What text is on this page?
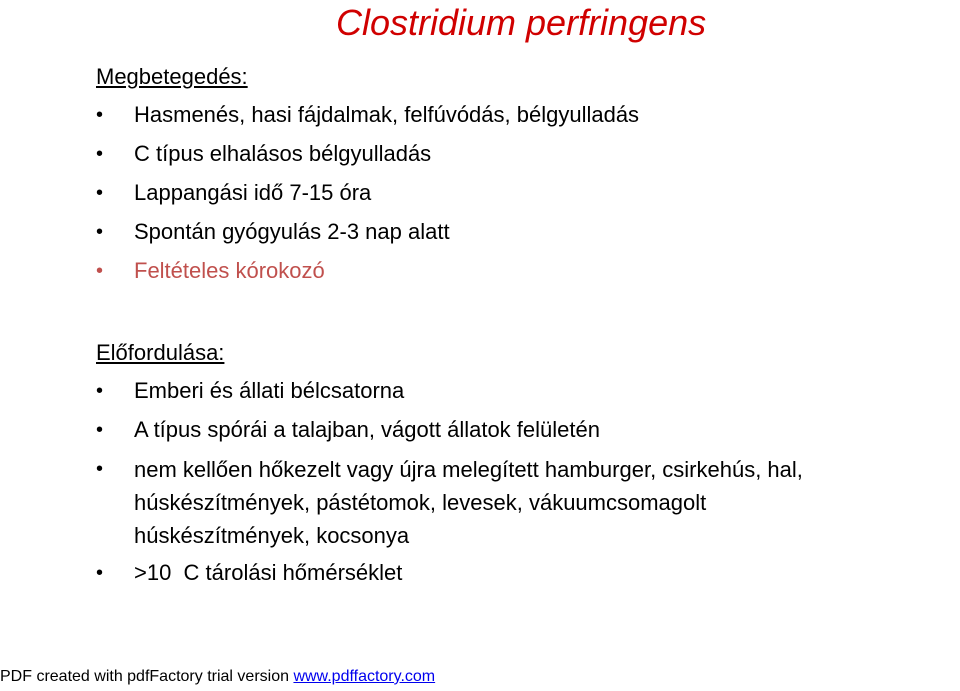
Clostridium perfringens
Megbetegedés:
• Hasmenés, hasi fájdalmak, felfúvódás, bélgyulladás
• C típus elhalásos bélgyulladás
• Lappangási idő 7-15 óra
• Spontán gyógyulás 2-3 nap alatt
• Feltételes kórokozó
Előfordulása:
• Emberi és állati bélcsatorna
• A típus spórái a talajban, vágott állatok felületén
• nem kellően hőkezelt vagy újra melegített hamburger, csirkehús, hal,
húskészítmények, pástétomok, levesek, vákuumcsomagolt
húskészítmények, kocsonya
• >10  C tárolási hőmérséklet
PDF created with pdfFactory trial version www.pdffactory.com
